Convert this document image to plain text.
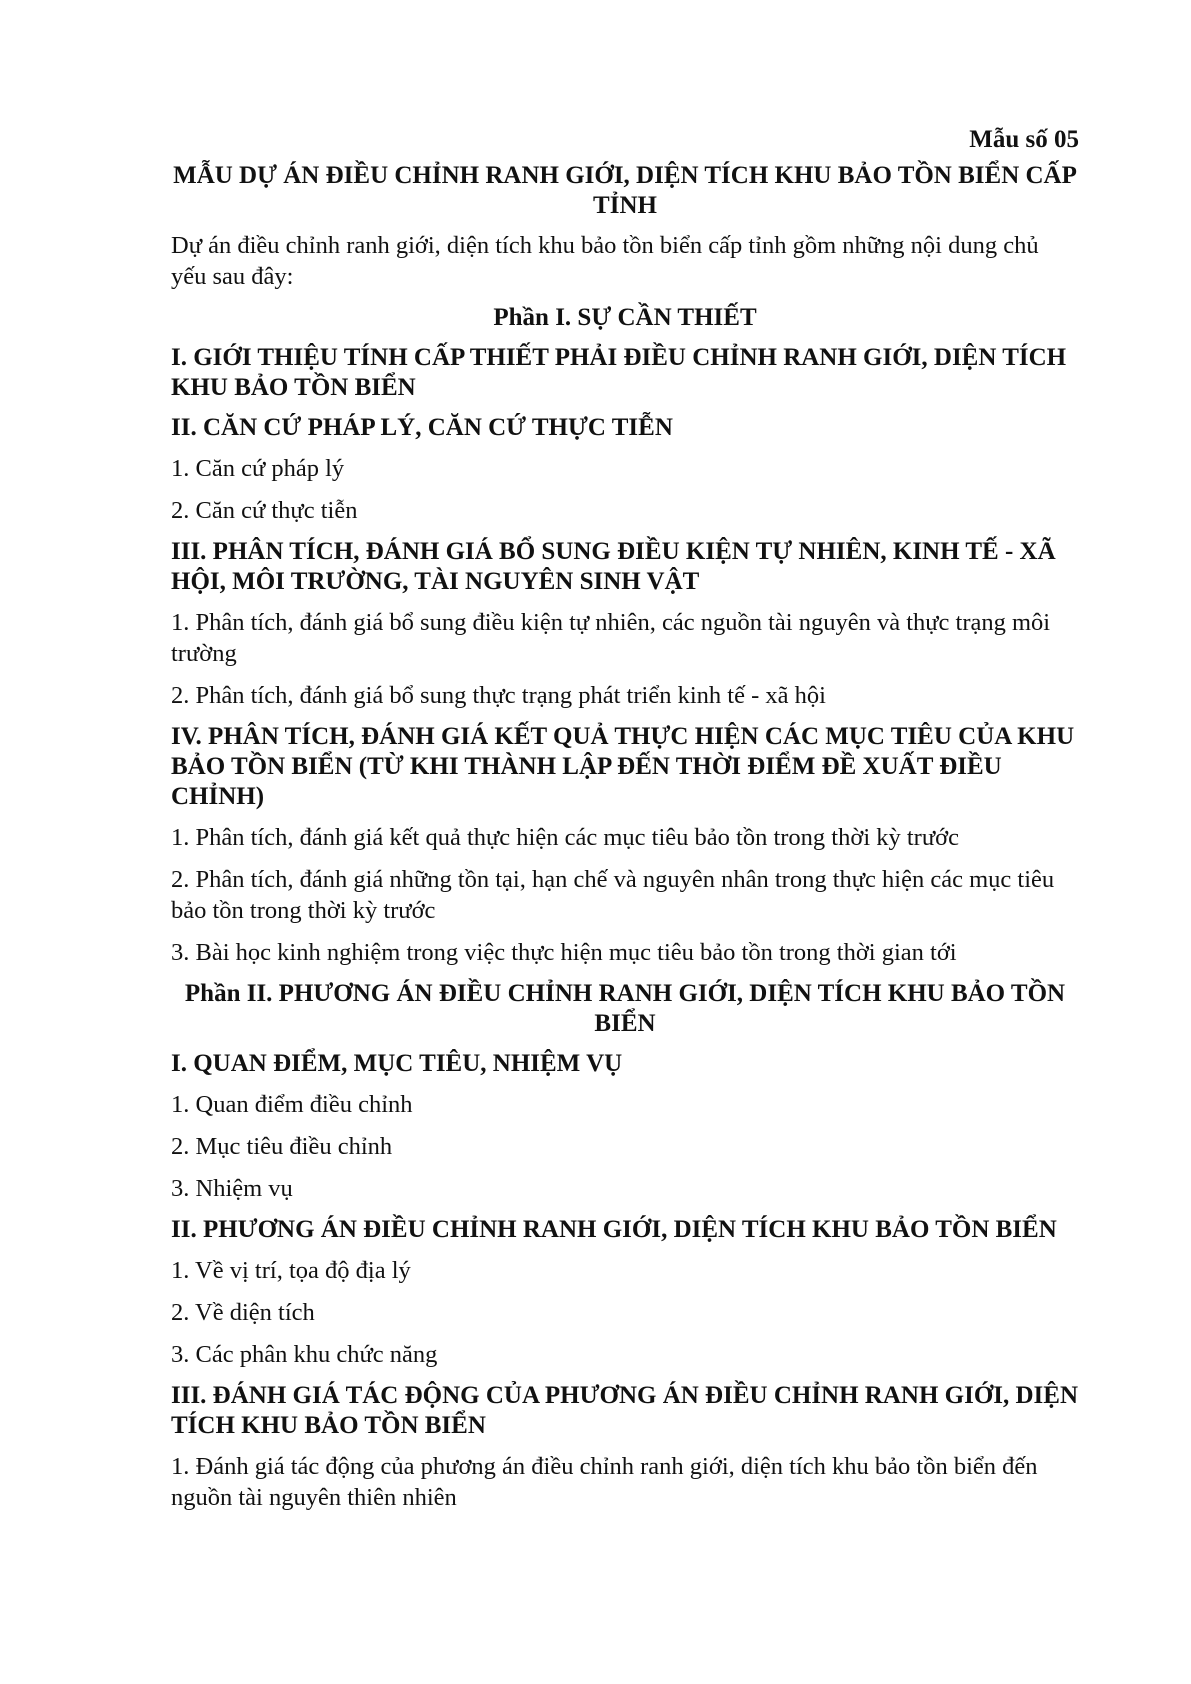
Mẫu số 05

MẪU DỰ ÁN ĐIỀU CHỈNH RANH GIỚI, DIỆN TÍCH KHU BẢO TỒN BIỂN CẤP TỈNH

Dự án điều chỉnh ranh giới, diện tích khu bảo tồn biển cấp tỉnh gồm những nội dung chủ yếu sau đây:

Phần I. SỰ CẦN THIẾT

I. GIỚI THIỆU TÍNH CẤP THIẾT PHẢI ĐIỀU CHỈNH RANH GIỚI, DIỆN TÍCH KHU BẢO TỒN BIỂN

II. CĂN CỨ PHÁP LÝ, CĂN CỨ THỰC TIỄN

1. Căn cứ pháp lý

2. Căn cứ thực tiễn

III. PHÂN TÍCH, ĐÁNH GIÁ BỔ SUNG ĐIỀU KIỆN TỰ NHIÊN, KINH TẾ - XÃ HỘI, MÔI TRƯỜNG, TÀI NGUYÊN SINH VẬT

1. Phân tích, đánh giá bổ sung điều kiện tự nhiên, các nguồn tài nguyên và thực trạng môi trường

2. Phân tích, đánh giá bổ sung thực trạng phát triển kinh tế - xã hội

IV. PHÂN TÍCH, ĐÁNH GIÁ KẾT QUẢ THỰC HIỆN CÁC MỤC TIÊU CỦA KHU BẢO TỒN BIỂN (TỪ KHI THÀNH LẬP ĐẾN THỜI ĐIỂM ĐỀ XUẤT ĐIỀU CHỈNH)

1. Phân tích, đánh giá kết quả thực hiện các mục tiêu bảo tồn trong thời kỳ trước

2. Phân tích, đánh giá những tồn tại, hạn chế và nguyên nhân trong thực hiện các mục tiêu bảo tồn trong thời kỳ trước

3. Bài học kinh nghiệm trong việc thực hiện mục tiêu bảo tồn trong thời gian tới

Phần II. PHƯƠNG ÁN ĐIỀU CHỈNH RANH GIỚI, DIỆN TÍCH KHU BẢO TỒN BIỂN

I. QUAN ĐIỂM, MỤC TIÊU, NHIỆM VỤ

1. Quan điểm điều chỉnh

2. Mục tiêu điều chỉnh

3. Nhiệm vụ

II. PHƯƠNG ÁN ĐIỀU CHỈNH RANH GIỚI, DIỆN TÍCH KHU BẢO TỒN BIỂN

1. Về vị trí, tọa độ địa lý

2. Về diện tích

3. Các phân khu chức năng

III. ĐÁNH GIÁ TÁC ĐỘNG CỦA PHƯƠNG ÁN ĐIỀU CHỈNH RANH GIỚI, DIỆN TÍCH KHU BẢO TỒN BIỂN

1. Đánh giá tác động của phương án điều chỉnh ranh giới, diện tích khu bảo tồn biển đến nguồn tài nguyên thiên nhiên
